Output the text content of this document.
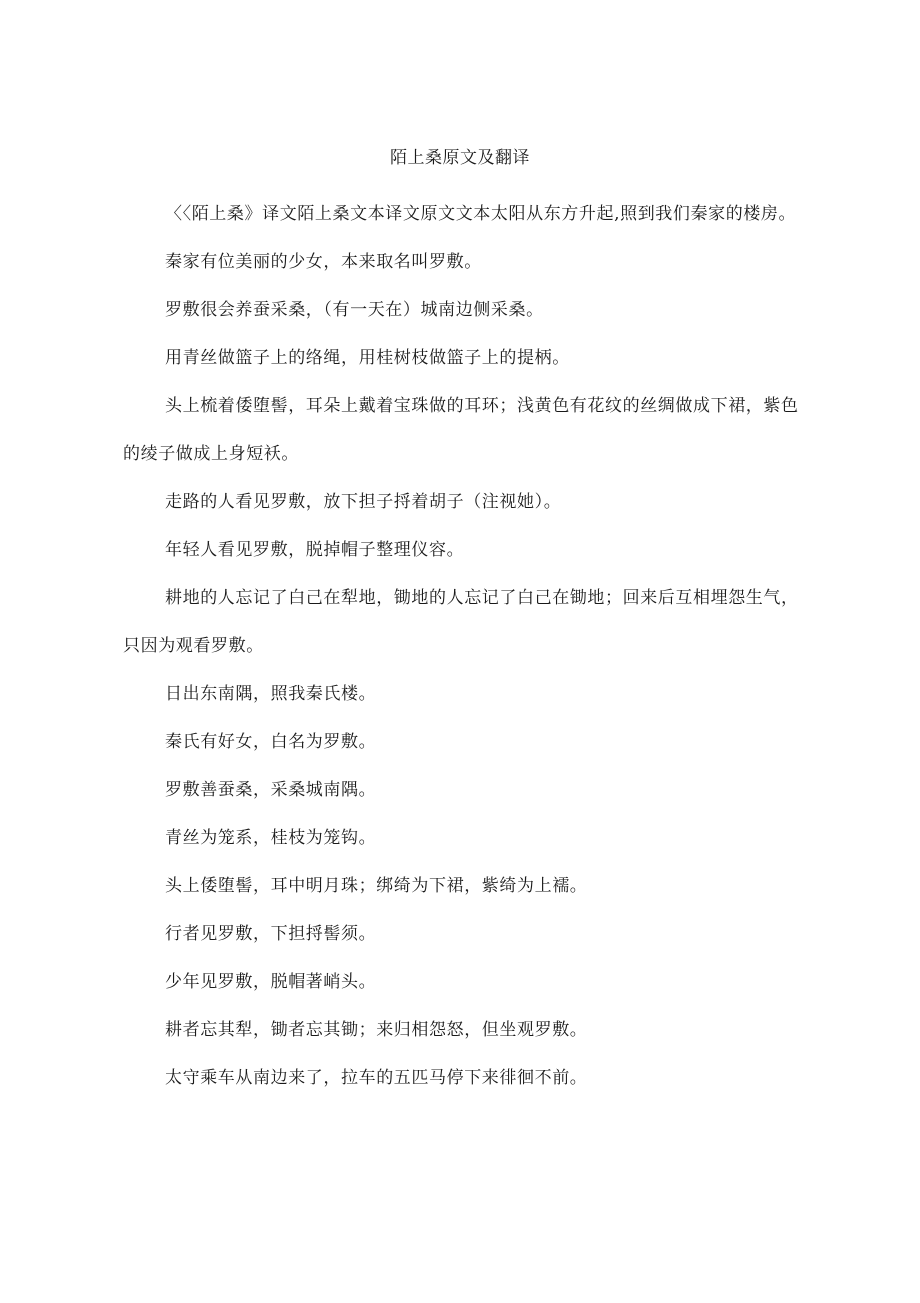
陌上桑原文及翻译

〈〈陌上桑》译文陌上桑文本译文原文文本太阳从东方升起,照到我们秦家的楼房。

秦家有位美丽的少女，本来取名叫罗敷。

罗敷很会养蚕采桑，（有一天在）城南边侧采桑。

用青丝做篮子上的络绳，用桂树枝做篮子上的提柄。

头上梳着倭堕髻，耳朵上戴着宝珠做的耳环；浅黄色有花纹的丝绸做成下裙，紫色的绫子做成上身短袄。

走路的人看见罗敷，放下担子捋着胡子（注视她）。

年轻人看见罗敷，脱掉帽子整理仪容。

耕地的人忘记了白己在犁地，锄地的人忘记了白己在锄地；回来后互相埋怨生气，只因为观看罗敷。

日出东南隅，照我秦氏楼。

秦氏有好女，白名为罗敷。

罗敷善蚕桑，采桑城南隅。

青丝为笼系，桂枝为笼钩。

头上倭堕髻，耳中明月珠；绑绮为下裙，紫绮为上襦。

行者见罗敷，下担捋髻须。

少年见罗敷，脱帽著峭头。

耕者忘其犁，锄者忘其锄；来归相怨怒，但坐观罗敷。

太守乘车从南边来了，拉车的五匹马停下来徘徊不前。
